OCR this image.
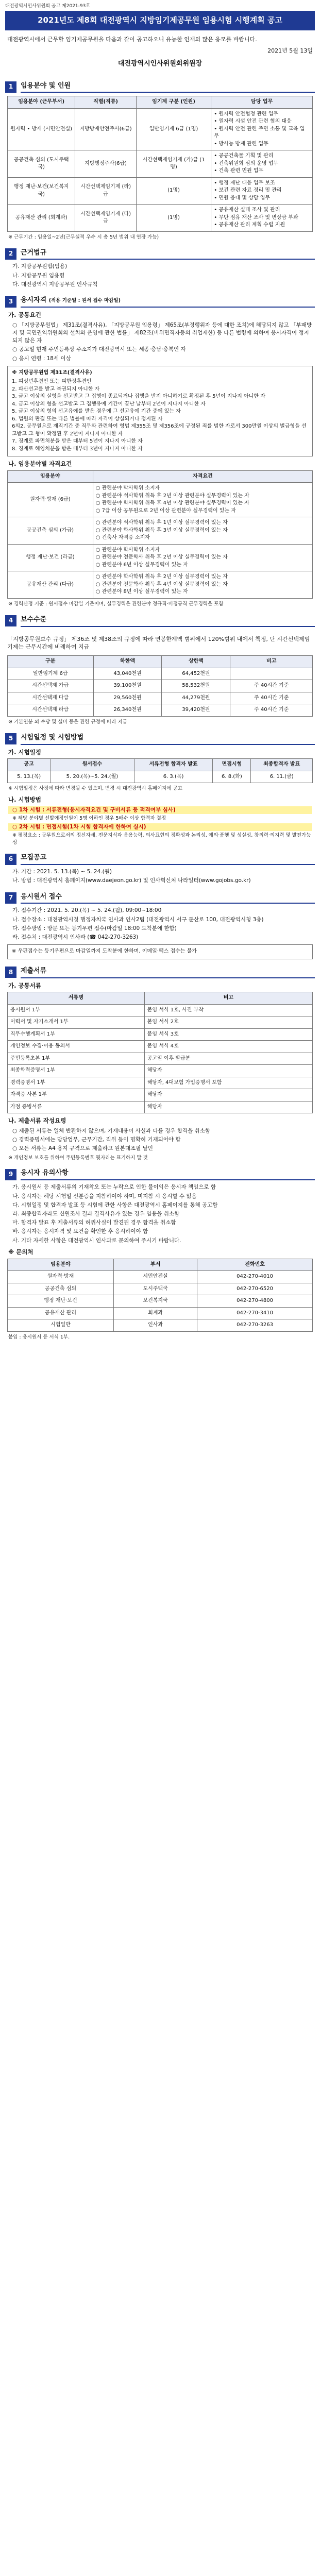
대전광역시인사위원회 공고 제2021-93호
2021년도 제8회 대전광역시 지방임기제공무원 임용시험 시행계획 공고
대전광역시에서 근무할 임기제공무원을 다음과 같이 공고하오니 유능한 인재의 많은 응모를 바랍니다.
2021년 5월 13일
대전광역시인사위원회위원장
1	임용분야 및 인원
임용분야 (근무부서)	직렬(직류)	임기제 구분 (인원)	담당 업무
원자력 • 방재 (시민안전실)	지방방재안전주사(6급)	일반임기제 6급 (1명)	• 원자력 안전협정 관련 업무
• 원자력 시설 안전 관련 협의 대응
• 원자력 안전 관련 주민 소통 및 교육 업무
• 방사능 방재 관련 업무
공공건축 심의 (도시주택국)	지방행정주사(6급)	시간선택제임기제 (가)급 (1명)	• 공공건축물 기획 및 관리
• 건축위원회 심의 운영 업무
• 건축 관련 민원 업무
행정 재난·보건(보건복지국)	시간선택제임기제 (라)급	(1명)	• 행정 재난 대응 업무 보조
• 보건 관련 자료 정리 및 관리
• 민원 응대 및 상담 업무
공유재산 관리 (회계과)	시간선택제임기제 (다)급	(1명)	• 공유재산 실태 조사 및 관리
• 무단 점유 재산 조사 및 변상금 부과
• 공유재산 관리 계획 수립 지원
※ 근무기간 : 임용일~2년(근무실적 우수 시 총 5년 범위 내 연장 가능)
2	근거법규
가. 지방공무원법(임용)
나. 지방공무원 임용령
다. 대전광역시 지방공무원 인사규칙
3	응시자격 (적용 기준일 : 원서 접수 마감일)
가. 공통요건
○ 「지방공무원법」 제31조(결격사유), 「지방공무원 임용령」 제65조(부정행위자 등에 대한 조치)에 해당되지 않고 「부패방지 및 국민권익위원회의 설치와 운영에 관한 법률」 제82조(비위면직자등의 취업제한) 등 다른 법령에 의하여 응시자격이 정지되지 않은 자
○ 공고일 현재 주민등록상 주소지가 대전광역시 또는 세종·충남·충북인 자
○ 응시 연령 : 18세 이상
※ 지방공무원법 제31조(결격사유)
1. 피성년후견인 또는 피한정후견인
2. 파산선고를 받고 복권되지 아니한 자
3. 금고 이상의 실형을 선고받고 그 집행이 종료되거나 집행을 받지 아니하기로 확정된 후 5년이 지나지 아니한 자
4. 금고 이상의 형을 선고받고 그 집행유예 기간이 끝난 날부터 2년이 지나지 아니한 자
5. 금고 이상의 형의 선고유예를 받은 경우에 그 선고유예 기간 중에 있는 자
6. 법원의 판결 또는 다른 법률에 따라 자격이 상실되거나 정지된 자
6의2. 공무원으로 재직기간 중 직무와 관련하여 형법 제355조 및 제356조에 규정된 죄를 범한 자로서 300만원 이상의 벌금형을 선고받고 그 형이 확정된 후 2년이 지나지 아니한 자
7. 징계로 파면처분을 받은 때부터 5년이 지나지 아니한 자
8. 징계로 해임처분을 받은 때부터 3년이 지나지 아니한 자
나. 임용분야별 자격요건
임용분야	자격요건
원자력·방재 (6급)	○ 관련분야 박사학위 소지자
○ 관련분야 석사학위 취득 후 2년 이상 관련분야 실무경력이 있는 자
○ 관련분야 학사학위 취득 후 4년 이상 관련분야 실무경력이 있는 자
○ 7급 이상 공무원으로 2년 이상 관련분야 실무경력이 있는 자
공공건축 심의 (가급)	○ 관련분야 석사학위 취득 후 1년 이상 실무경력이 있는 자
○ 관련분야 학사학위 취득 후 3년 이상 실무경력이 있는 자
○ 건축사 자격증 소지자
행정 재난·보건 (라급)	○ 관련분야 학사학위 소지자
○ 관련분야 전문학사 취득 후 2년 이상 실무경력이 있는 자
○ 관련분야 6년 이상 실무경력이 있는 자
공유재산 관리 (다급)	○ 관련분야 학사학위 취득 후 2년 이상 실무경력이 있는 자
○ 관련분야 전문학사 취득 후 4년 이상 실무경력이 있는 자
○ 관련분야 8년 이상 실무경력이 있는 자
※ 경력산정 기준 : 원서접수 마감일 기준이며, 실무경력은 관련분야 정규직·비정규직 근무경력을 포함
4	보수수준
「지방공무원보수 규정」 제36조 및 제38조의 규정에 따라 연봉한계액 범위에서 120%범위 내에서 책정, 단 시간선택제임기제는 근무시간에 비례하여 지급
구분	하한액	상한액	비고
일반임기제 6급	43,040천원	64,452천원	
시간선택제 가급	39,100천원	58,532천원	주 40시간 기준
시간선택제 다급	29,560천원	44,279천원	주 40시간 기준
시간선택제 라급	26,340천원	39,420천원	주 40시간 기준
※ 기본연봉 외 수당 및 실비 등은 관련 규정에 따라 지급
5	시험일정 및 시험방법
가. 시험일정
공고	원서접수	서류전형 합격자 발표	면접시험	최종합격자 발표
5. 13.(목)	5. 20.(목)~5. 24.(월)	6. 3.(목)	6. 8.(화)	6. 11.(금)
※ 시험일정은 사정에 따라 변경될 수 있으며, 변경 시 대전광역시 홈페이지에 공고
나. 시험방법
○ 1차 시험 : 서류전형(응시자격요건 및 구비서류 등 적격여부 심사)
※ 해당 분야별 선발예정인원이 5명 이하인 경우 5배수 이상 합격자 결정
○ 2차 시험 : 면접시험(1차 시험 합격자에 한하여 실시)
※ 평정요소 : 공무원으로서의 정신자세, 전문지식과 응용능력, 의사표현의 정확성과 논리성, 예의·품행 및 성실성, 창의력·의지력 및 발전가능성
6	모집공고
가. 기간 : 2021. 5. 13.(목) ~ 5. 24.(월)
나. 방법 : 대전광역시 홈페이지(www.daejeon.go.kr) 및 인사혁신처 나라일터(www.gojobs.go.kr)
7	응시원서 접수
가. 접수기간 : 2021. 5. 20.(목) ~ 5. 24.(월), 09:00~18:00
나. 접수장소 : 대전광역시청 행정자치국 인사과 인사2팀 (대전광역시 서구 둔산로 100, 대전광역시청 3층)
다. 접수방법 : 방문 또는 등기우편 접수(마감일 18:00 도착분에 한함)
라. 접수처 : 대전광역시 인사과 (☎ 042-270-3263)
※ 우편접수는 등기우편으로 마감일까지 도착분에 한하며, 이메일·팩스 접수는 불가
8	제출서류
가. 공통서류
서류명	비고
응시원서 1부	붙임 서식 1호, 사진 부착
이력서 및 자기소개서 1부	붙임 서식 2호
직무수행계획서 1부	붙임 서식 3호
개인정보 수집·이용 동의서	붙임 서식 4호
주민등록초본 1부	공고일 이후 발급분
최종학력증명서 1부	해당자
경력증명서 1부	해당자, 4대보험 가입증명서 포함
자격증 사본 1부	해당자
가점 증빙서류	해당자
나. 제출서류 작성요령
○ 제출된 서류는 일체 반환하지 않으며, 기재내용이 사실과 다를 경우 합격을 취소함
○ 경력증명서에는 담당업무, 근무기간, 직위 등이 명확히 기재되어야 함
○ 모든 서류는 A4 용지 규격으로 제출하고 원본대조필 날인
※ 개인정보 보호를 위하여 주민등록번호 뒷자리는 표기하지 말 것
9	응시자 유의사항
가. 응시원서 등 제출서류의 기재착오 또는 누락으로 인한 불이익은 응시자 책임으로 함
나. 응시자는 해당 시험일 신분증을 지참하여야 하며, 미지참 시 응시할 수 없음
다. 시험일정 및 합격자 발표 등 시험에 관한 사항은 대전광역시 홈페이지를 통해 공고함
라. 최종합격자라도 신원조사 결과 결격사유가 있는 경우 임용을 취소함
마. 합격자 발표 후 제출서류의 허위사실이 발견된 경우 합격을 취소함
바. 응시자는 응시자격 및 요건을 확인한 후 응시하여야 함
사. 기타 자세한 사항은 대전광역시 인사과로 문의하여 주시기 바랍니다.
※ 문의처
임용분야	부서	전화번호
원자력·방재	시민안전실	042-270-4010
공공건축 심의	도시주택국	042-270-6520
행정 재난·보건	보건복지국	042-270-4800
공유재산 관리	회계과	042-270-3410
시험일반	인사과	042-270-3263
붙임 : 응시원서 등 서식 1부.
